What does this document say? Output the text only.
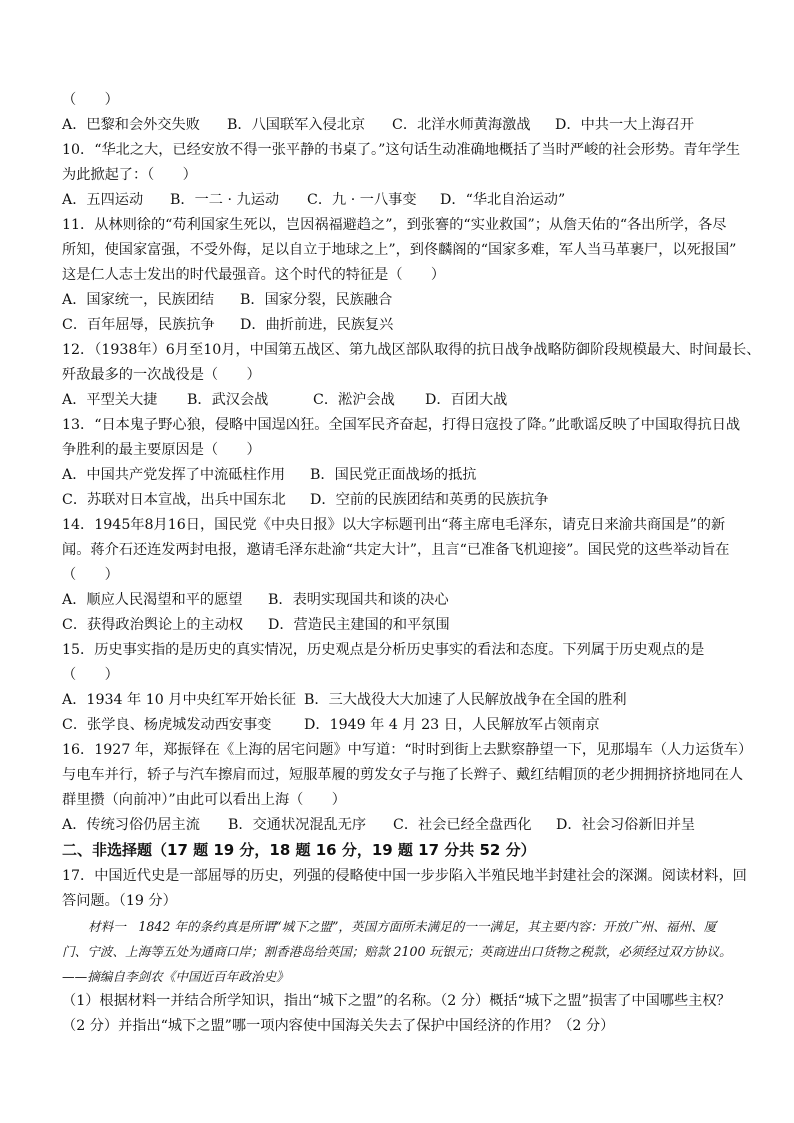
（　　）
A．巴黎和会外交失败	B．八国联军入侵北京	C．北洋水师黄海激战	D．中共一大上海召开
10．“华北之大，已经安放不得一张平静的书桌了。”这句话生动准确地概括了当时严峻的社会形势。青年学生
为此掀起了：（　　）
A．五四运动	B．一二 · 九运动	C．九 · 一八事变	D．“华北自治运动”
11．从林则徐的“苟利国家生死以，岂因祸福避趋之”，到张謇的“实业救国”；从詹天佑的“各出所学，各尽
所知，使国家富强，不受外侮，足以自立于地球之上”，到佟麟阁的“国家多难，军人当马革裹尸，以死报国”
这是仁人志士发出的时代最强音。这个时代的特征是（　　）
A．国家统一，民族团结	B．国家分裂，民族融合
C．百年屈辱，民族抗争	D．曲折前进，民族复兴
12．（1938年）6月至10月，中国第五战区、第九战区部队取得的抗日战争战略防御阶段规模最大、时间最长、
歼敌最多的一次战役是（　　）
A．平型关大捷	B．武汉会战	C．淞沪会战	D．百团大战
13．“日本鬼子野心狼，侵略中国逞凶狂。全国军民齐奋起，打得日寇投了降。”此歌谣反映了中国取得抗日战
争胜利的最主要原因是（　　）
A．中国共产党发挥了中流砥柱作用	B．国民党正面战场的抵抗
C．苏联对日本宣战，出兵中国东北	D．空前的民族团结和英勇的民族抗争
14．1945年8月16日，国民党《中央日报》以大字标题刊出“蒋主席电毛泽东，请克日来渝共商国是”的新
闻。蒋介石还连发两封电报，邀请毛泽东赴渝“共定大计”，且言“已准备飞机迎接”。国民党的这些举动旨在
（　　）
A．顺应人民渴望和平的愿望	B．表明实现国共和谈的决心
C．获得政治舆论上的主动权	D．营造民主建国的和平氛围
15．历史事实指的是历史的真实情况，历史观点是分析历史事实的看法和态度。下列属于历史观点的是
（　　）
A．1934 年 10 月中央红军开始长征 B．三大战役大大加速了人民解放战争在全国的胜利
C．张学良、杨虎城发动西安事变	D．1949 年 4 月 23 日，人民解放军占领南京
16．1927 年，郑振铎在《上海的居宅问题》中写道：“时时到街上去默察静望一下，见那塌车（人力运货车）
与电车并行，轿子与汽车擦肩而过，短服革履的剪发女子与拖了长辫子、戴红结帽顶的老少拥拥挤挤地同在人
群里攒（向前冲）”由此可以看出上海（　　）
A．传统习俗仍居主流	B．交通状况混乱无序	C．社会已经全盘西化	D．社会习俗新旧并呈
二、非选择题（17 题 19 分，18 题 16 分，19 题 17 分共 52 分）
17．中国近代史是一部屈辱的历史，列强的侵略使中国一步步陷入半殖民地半封建社会的深渊。阅读材料，回
答问题。（19 分）

材料一　1842 年的条约真是所谓“城下之盟”，英国方面所未满足的一一满足，其主要内容：开放广州、福州、厦门、宁波、上海等五处为通商口岸；割香港岛给英国；赔款 2100 玩银元；英商进出口货物之税款，必须经过双方协议。——摘编自李剑农《中国近百年政治史》

（1）根据材料一并结合所学知识，指出“城下之盟”的名称。（2 分）概括“城下之盟”损害了中国哪些主权？
（2 分）并指出“城下之盟”哪一项内容使中国海关失去了保护中国经济的作用？（2 分）
